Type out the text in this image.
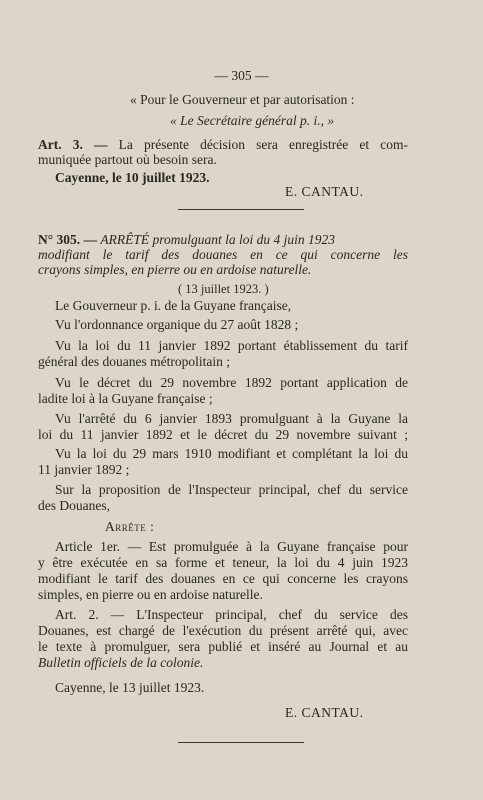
— 305 —
« Pour le Gouverneur et par autorisation :
« Le Secrétaire général p. i., »
Art. 3. — La présente décision sera enregistrée et com-
muniquée partout où besoin sera.
Cayenne, le 10 juillet 1923.
E. CANTAU.
N° 305. — ARRÊTÉ promulguant la loi du 4 juin 1923
modifiant le tarif des douanes en ce qui concerne les
crayons simples, en pierre ou en ardoise naturelle.
( 13 juillet 1923. )
Le Gouverneur p. i. de la Guyane française,
Vu l'ordonnance organique du 27 août 1828 ;
Vu la loi du 11 janvier 1892 portant établissement du tarif
général des douanes métropolitain ;
Vu le décret du 29 novembre 1892 portant application de
ladite loi à la Guyane française ;
Vu l'arrêté du 6 janvier 1893 promulguant à la Guyane la
loi du 11 janvier 1892 et le décret du 29 novembre suivant ;
Vu la loi du 29 mars 1910 modifiant et complétant la loi du
11 janvier 1892 ;
Sur la proposition de l'Inspecteur principal, chef du service
des Douanes,
Arrête :
Article 1er. — Est promulguée à la Guyane française pour
y être exécutée en sa forme et teneur, la loi du 4 juin 1923
modifiant le tarif des douanes en ce qui concerne les crayons
simples, en pierre ou en ardoise naturelle.
Art. 2. — L'Inspecteur principal, chef du service des
Douanes, est chargé de l'exécution du présent arrêté qui, avec
le texte à promulguer, sera publié et inséré au Journal et au
Bulletin officiels de la colonie.
Cayenne, le 13 juillet 1923.
E. CANTAU.
